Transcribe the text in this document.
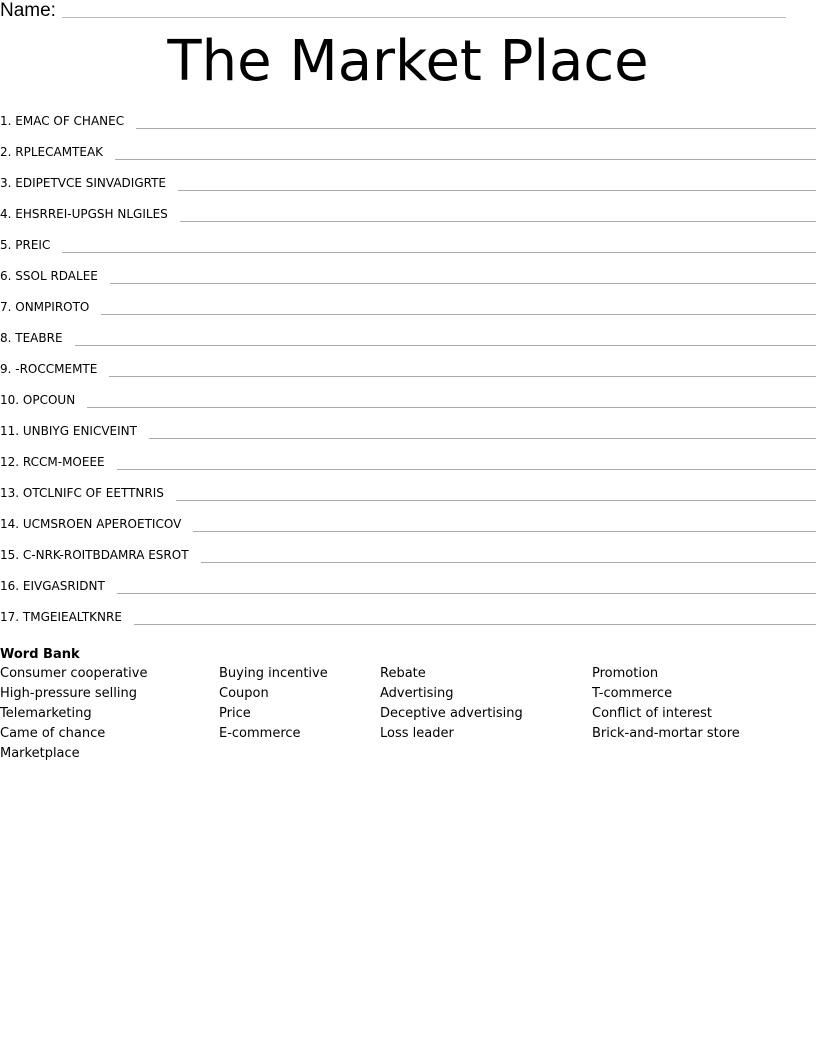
Name:
The Market Place
1. EMAC OF CHANEC
2. RPLECAMTEAK
3. EDIPETVCE SINVADIGRTE
4. EHSRREI-UPGSH NLGILES
5. PREIC
6. SSOL RDALEE
7. ONMPIROTO
8. TEABRE
9. -ROCCMEMTE
10. OPCOUN
11. UNBIYG ENICVEINT
12. RCCM-MOEEE
13. OTCLNIFC OF EETTNRIS
14. UCMSROEN APEROETICOV
15. C-NRK-ROITBDAMRA ESROT
16. EIVGASRIDNT
17. TMGEIEALTKNRE
Word Bank
Consumer cooperative
High-pressure selling
Telemarketing
Came of chance
Marketplace
Buying incentive
Coupon
Price
E-commerce
Rebate
Advertising
Deceptive advertising
Loss leader
Promotion
T-commerce
Conflict of interest
Brick-and-mortar store
